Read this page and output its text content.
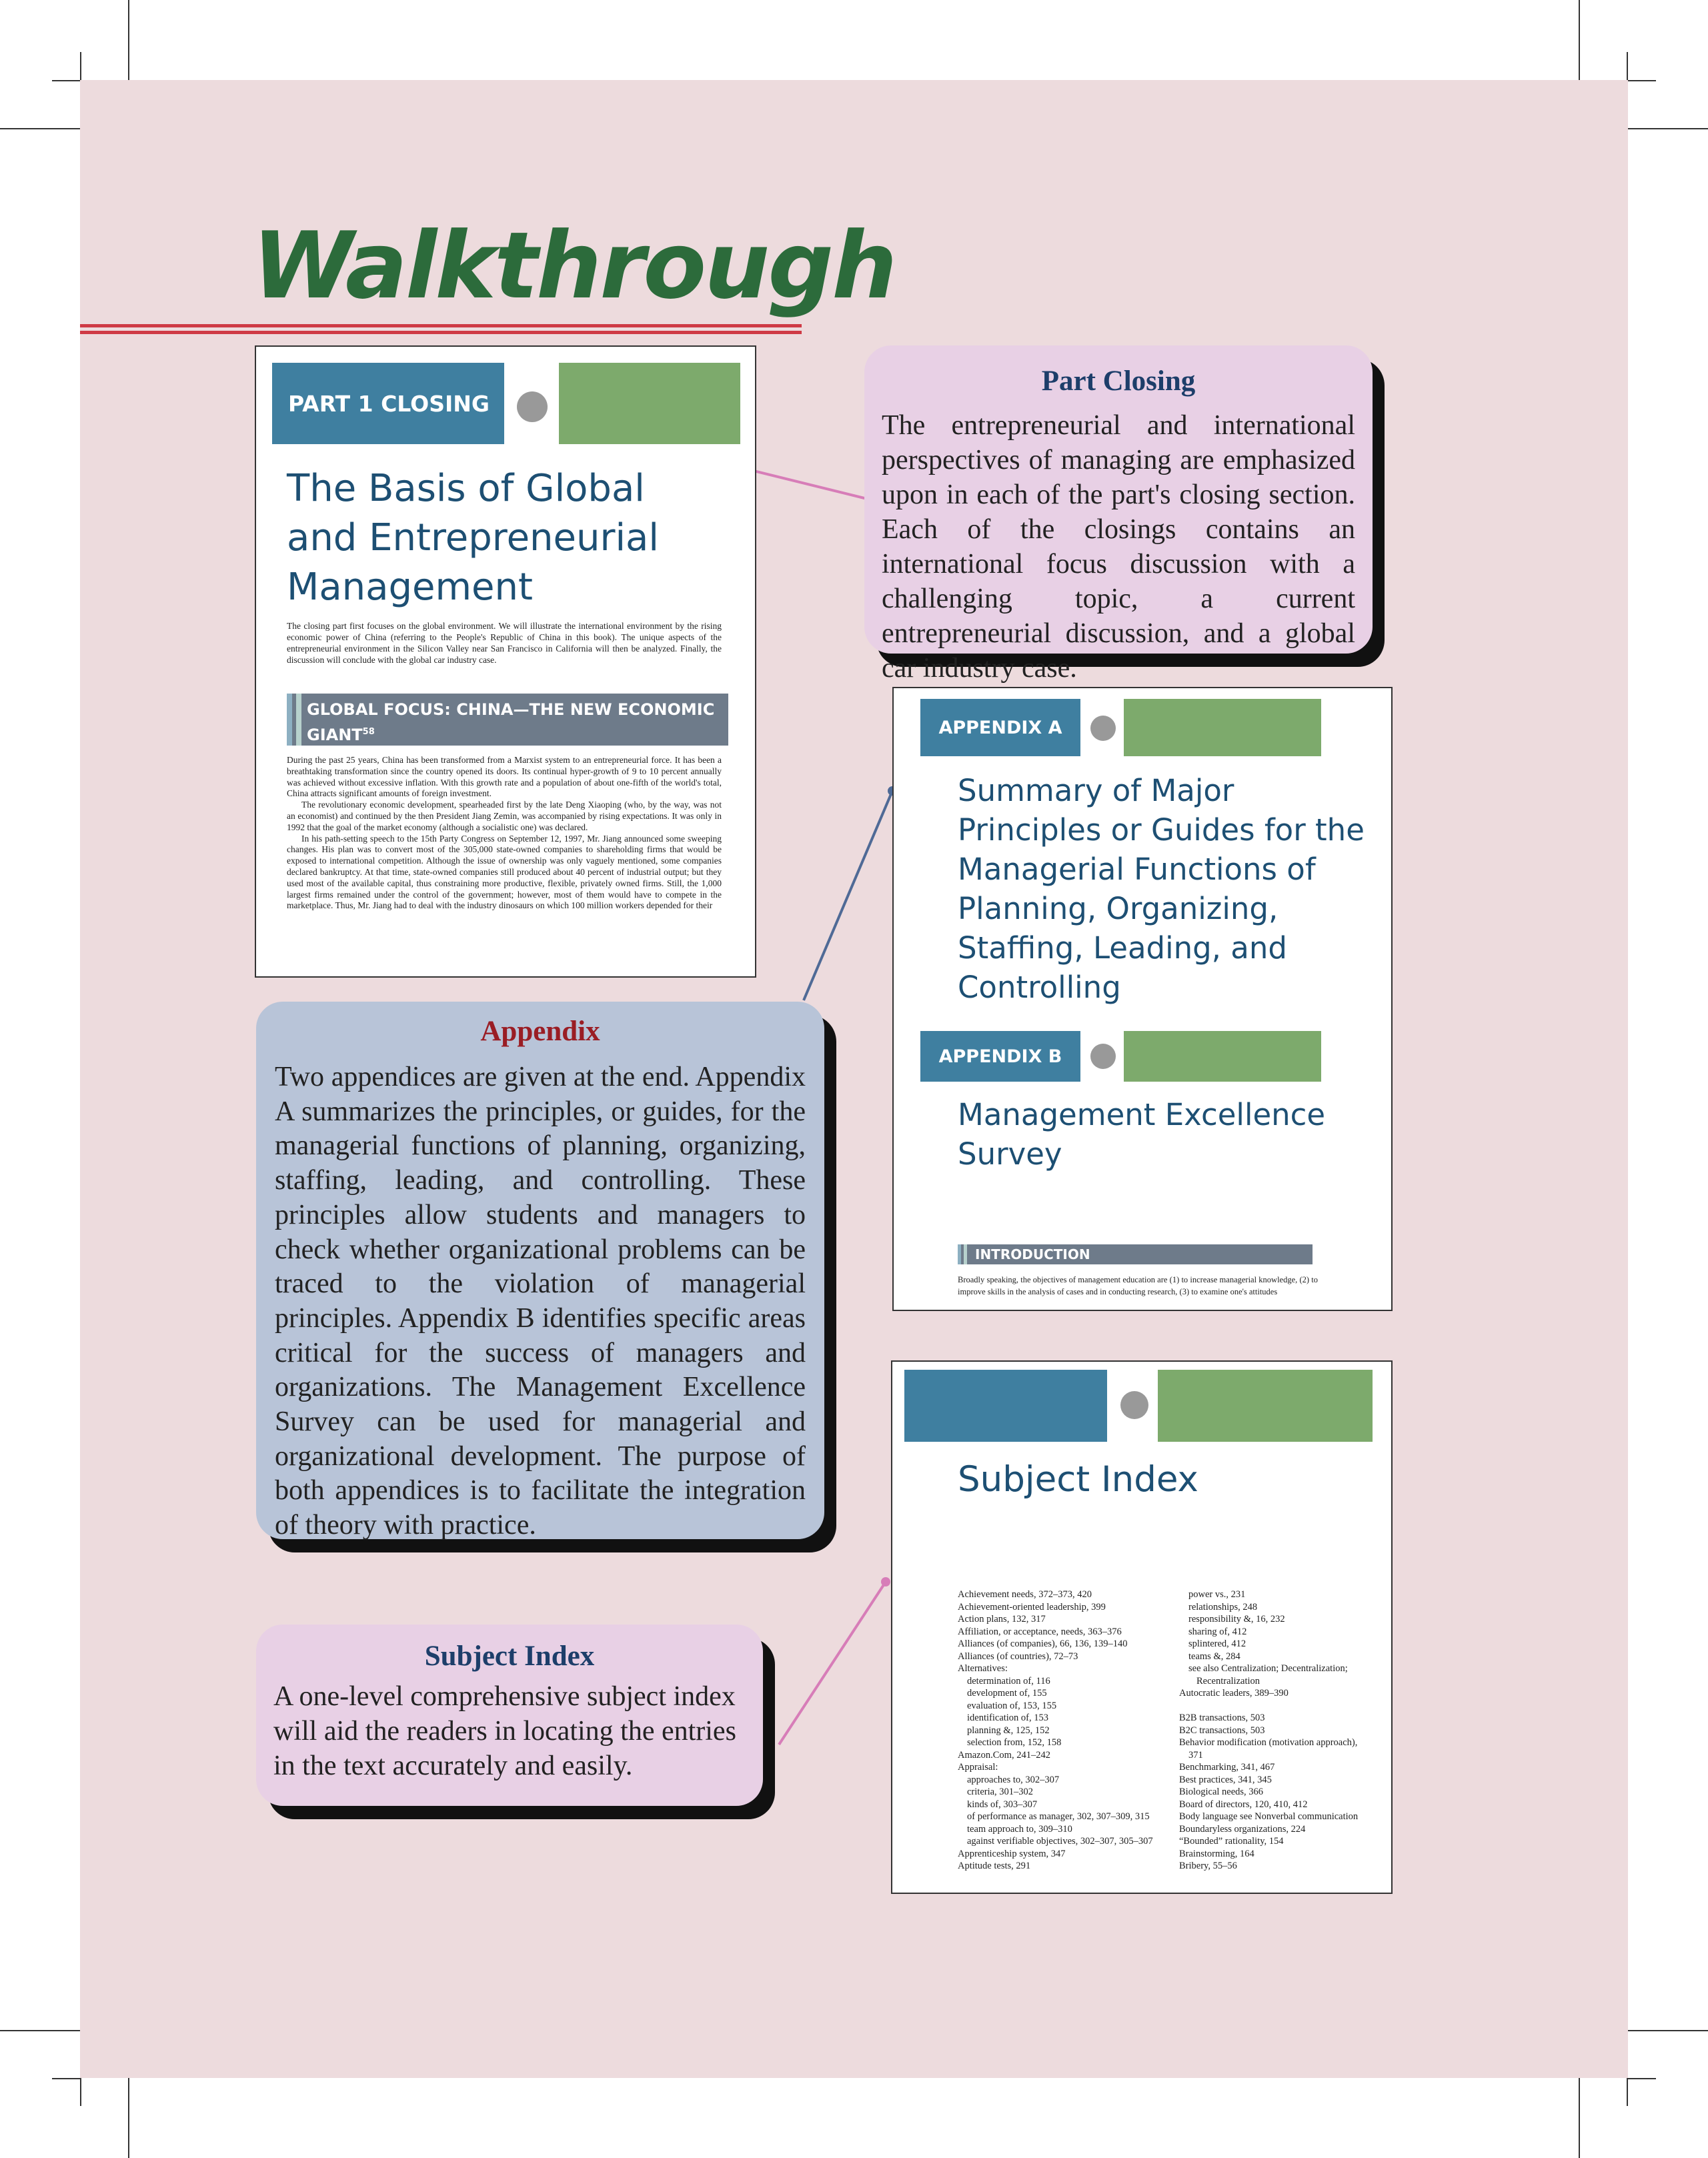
Walkthrough
PART 1 CLOSING
The Basis of Global and Entrepreneurial Management

The closing part first focuses on the global environment. We will illustrate the international environment by the rising economic power of China (referring to the People's Republic of China in this book). The unique aspects of the entrepreneurial environment in the Silicon Valley near San Francisco in California will then be analyzed. Finally, the discussion will conclude with the global car industry case.

GLOBAL FOCUS: CHINA—THE NEW ECONOMIC GIANT$^{58}$

During the past 25 years, China has been transformed from a Marxist system to an entrepreneurial force. It has been a breathtaking transformation since the country opened its doors. Its continual hyper-growth of 9 to 10 percent annually was achieved without excessive inflation. With this growth rate and a population of about one-fifth of the world's total, China attracts significant amounts of foreign investment.

The revolutionary economic development, spearheaded first by the late Deng Xiaoping (who, by the way, was not an economist) and continued by the then President Jiang Zemin, was accompanied by rising expectations. It was only in 1992 that the goal of the market economy (although a socialistic one) was declared.

In his path-setting speech to the 15th Party Congress on September 12, 1997, Mr. Jiang announced some sweeping changes. His plan was to convert most of the 305,000 state-owned companies to shareholding firms that would be exposed to international competition. Although the issue of ownership was only vaguely mentioned, some companies declared bankruptcy. At that time, state-owned companies still produced about 40 percent of industrial output; but they used most of the available capital, thus constraining more productive, flexible, privately owned firms. Still, the 1,000 largest firms remained under the control of the government; however, most of them would have to compete in the marketplace. Thus, Mr. Jiang had to deal with the industry dinosaurs on which 100 million workers depended for their

Part Closing

The entrepreneurial and international perspectives of managing are emphasized upon in each of the part's closing section. Each of the closings contains an international focus discussion with a challenging topic, a current entrepreneurial discussion, and a global car industry case.

APPENDIX A
Summary of Major Principles or Guides for the Managerial Functions of Planning, Organizing, Staffing, Leading, and Controlling
APPENDIX B
Management Excellence Survey
INTRODUCTION

Broadly speaking, the objectives of management education are (1) to increase managerial knowledge, (2) to improve skills in the analysis of cases and in conducting research, (3) to examine one's attitudes

Appendix

Two appendices are given at the end. Appendix A summarizes the principles, or guides, for the managerial functions of planning, organizing, staffing, leading, and controlling. These principles allow students and managers to check whether organizational problems can be traced to the violation of managerial principles. Appendix B identifies specific areas critical for the success of managers and organizations. The Management Excellence Survey can be used for managerial and organizational development. The purpose of both appendices is to facilitate the integration of theory with practice.

Subject Index
Achievement needs, 372–373, 420
Achievement-oriented leadership, 399
Action plans, 132, 317
Affiliation, or acceptance, needs, 363–376
Alliances (of companies), 66, 136, 139–140
Alliances (of countries), 72–73
Alternatives:
determination of, 116
development of, 155
evaluation of, 153, 155
identification of, 153
planning &, 125, 152
selection from, 152, 158
Amazon.Com, 241–242
Appraisal:
approaches to, 302–307
criteria, 301–302
kinds of, 303–307
of performance as manager, 302, 307–309, 315
team approach to, 309–310
against verifiable objectives, 302–307, 305–307
Apprenticeship system, 347
Aptitude tests, 291
power vs., 231
relationships, 248
responsibility &, 16, 232
sharing of, 412
splintered, 412
teams &, 284
see also Centralization; Decentralization;
Recentralization
Autocratic leaders, 389–390
B2B transactions, 503
B2C transactions, 503
Behavior modification (motivation approach),
371
Benchmarking, 341, 467
Best practices, 341, 345
Biological needs, 366
Board of directors, 120, 410, 412
Body language see Nonverbal communication
Boundaryless organizations, 224
“Bounded” rationality, 154
Brainstorming, 164
Bribery, 55–56
Subject Index

A one-level comprehensive subject index will aid the readers in locating the entries in the text accurately and easily.
